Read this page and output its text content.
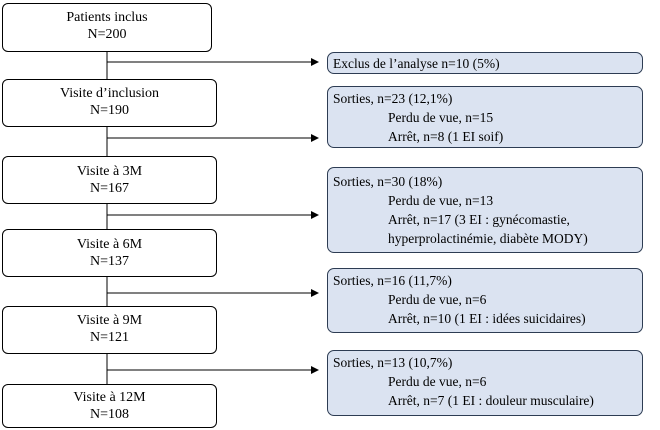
Patients inclus
N=200
Visite d’inclusion
N=190
Visite à 3M
N=167
Visite à 6M
N=137
Visite à 9M
N=121
Visite à 12M
N=108
Exclus de l’analyse n=10 (5%)
Sorties, n=23 (12,1%)
Perdu de vue, n=15
Arrêt, n=8 (1 EI soif)
Sorties, n=30 (18%)
Perdu de vue, n=13
Arrêt, n=17 (3 EI : gynécomastie,
hyperprolactinémie, diabète MODY)
Sorties, n=16 (11,7%)
Perdu de vue, n=6
Arrêt, n=10 (1 EI : idées suicidaires)
Sorties, n=13 (10,7%)
Perdu de vue, n=6
Arrêt, n=7 (1 EI : douleur musculaire)
